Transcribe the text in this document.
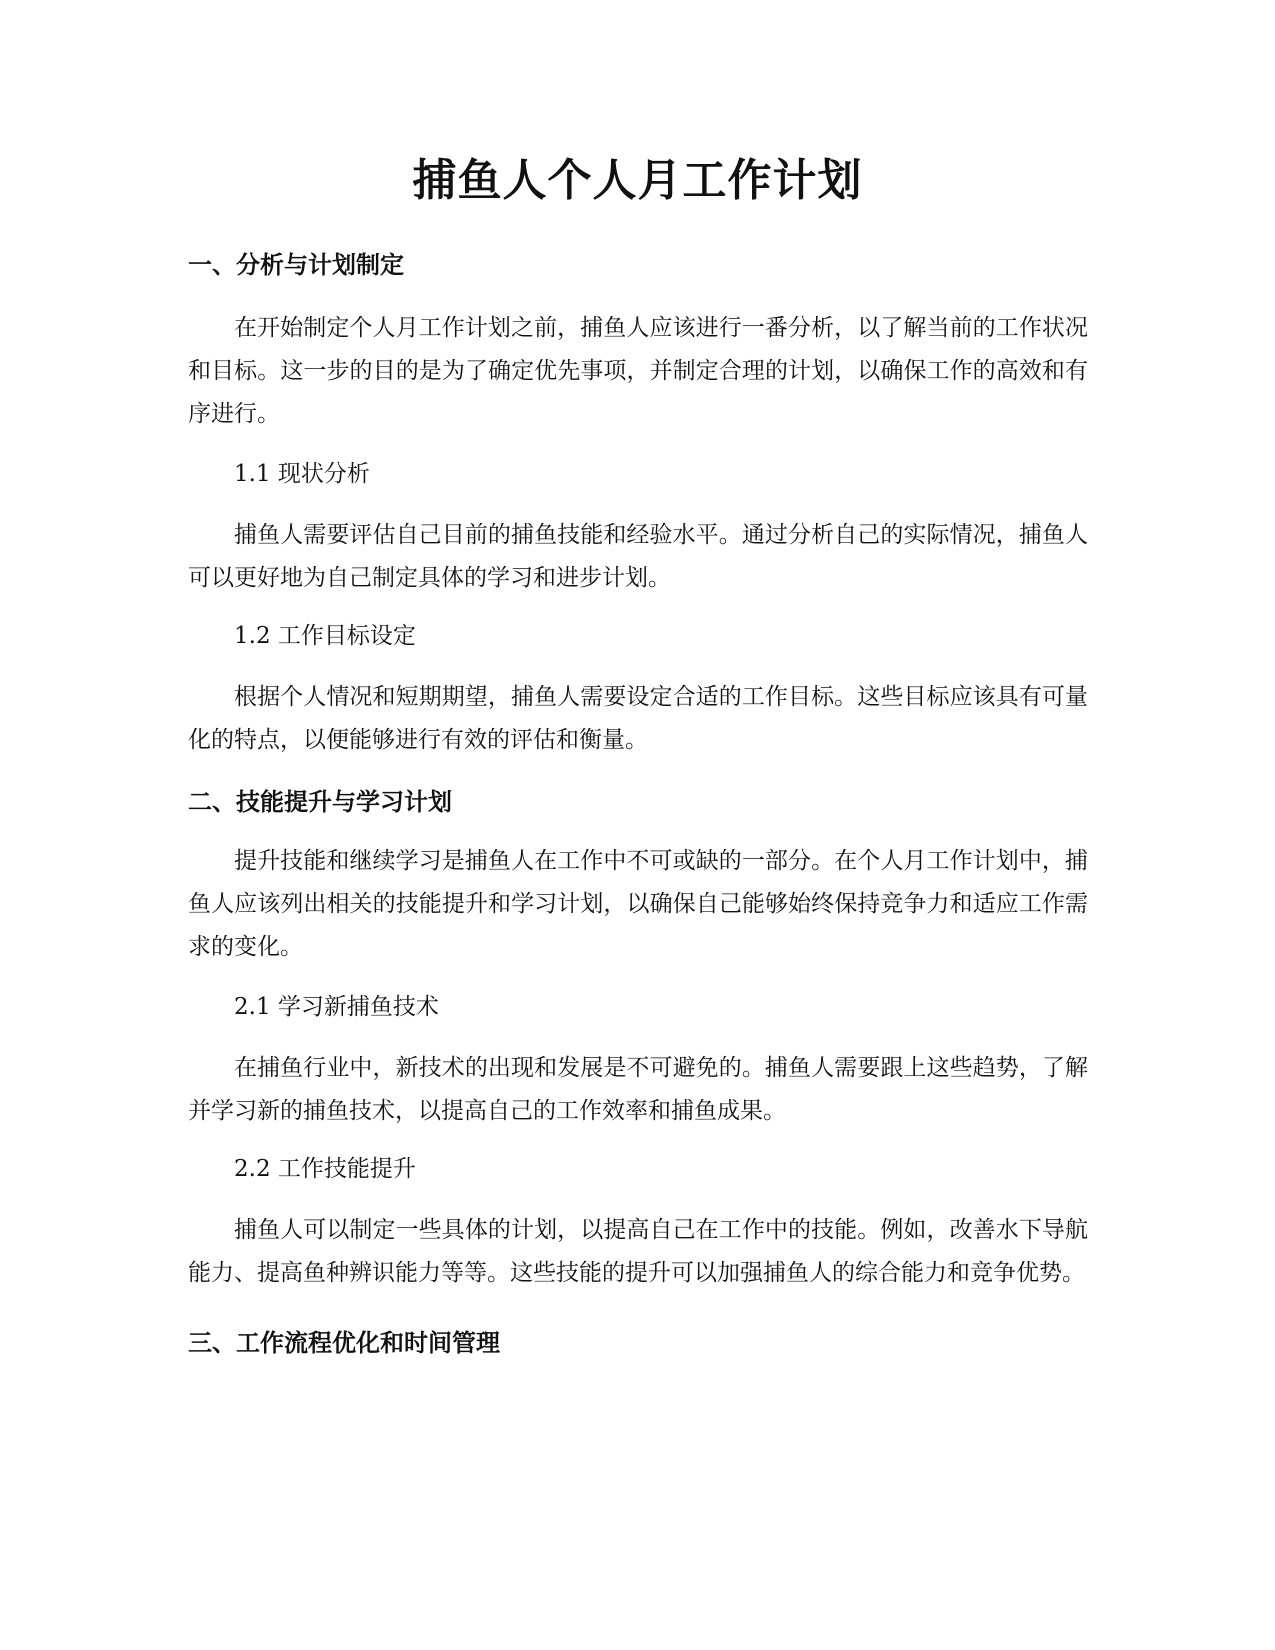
捕鱼人个人月工作计划
一、分析与计划制定

在开始制定个人月工作计划之前，捕鱼人应该进行一番分析，以了解当前的工作状况和目标。这一步的目的是为了确定优先事项，并制定合理的计划，以确保工作的高效和有序进行。

1.1 现状分析

捕鱼人需要评估自己目前的捕鱼技能和经验水平。通过分析自己的实际情况，捕鱼人可以更好地为自己制定具体的学习和进步计划。

1.2 工作目标设定

根据个人情况和短期期望，捕鱼人需要设定合适的工作目标。这些目标应该具有可量化的特点，以便能够进行有效的评估和衡量。

二、技能提升与学习计划

提升技能和继续学习是捕鱼人在工作中不可或缺的一部分。在个人月工作计划中，捕鱼人应该列出相关的技能提升和学习计划，以确保自己能够始终保持竞争力和适应工作需求的变化。

2.1 学习新捕鱼技术

在捕鱼行业中，新技术的出现和发展是不可避免的。捕鱼人需要跟上这些趋势，了解并学习新的捕鱼技术，以提高自己的工作效率和捕鱼成果。

2.2 工作技能提升

捕鱼人可以制定一些具体的计划，以提高自己在工作中的技能。例如，改善水下导航能力、提高鱼种辨识能力等等。这些技能的提升可以加强捕鱼人的综合能力和竞争优势。

三、工作流程优化和时间管理
